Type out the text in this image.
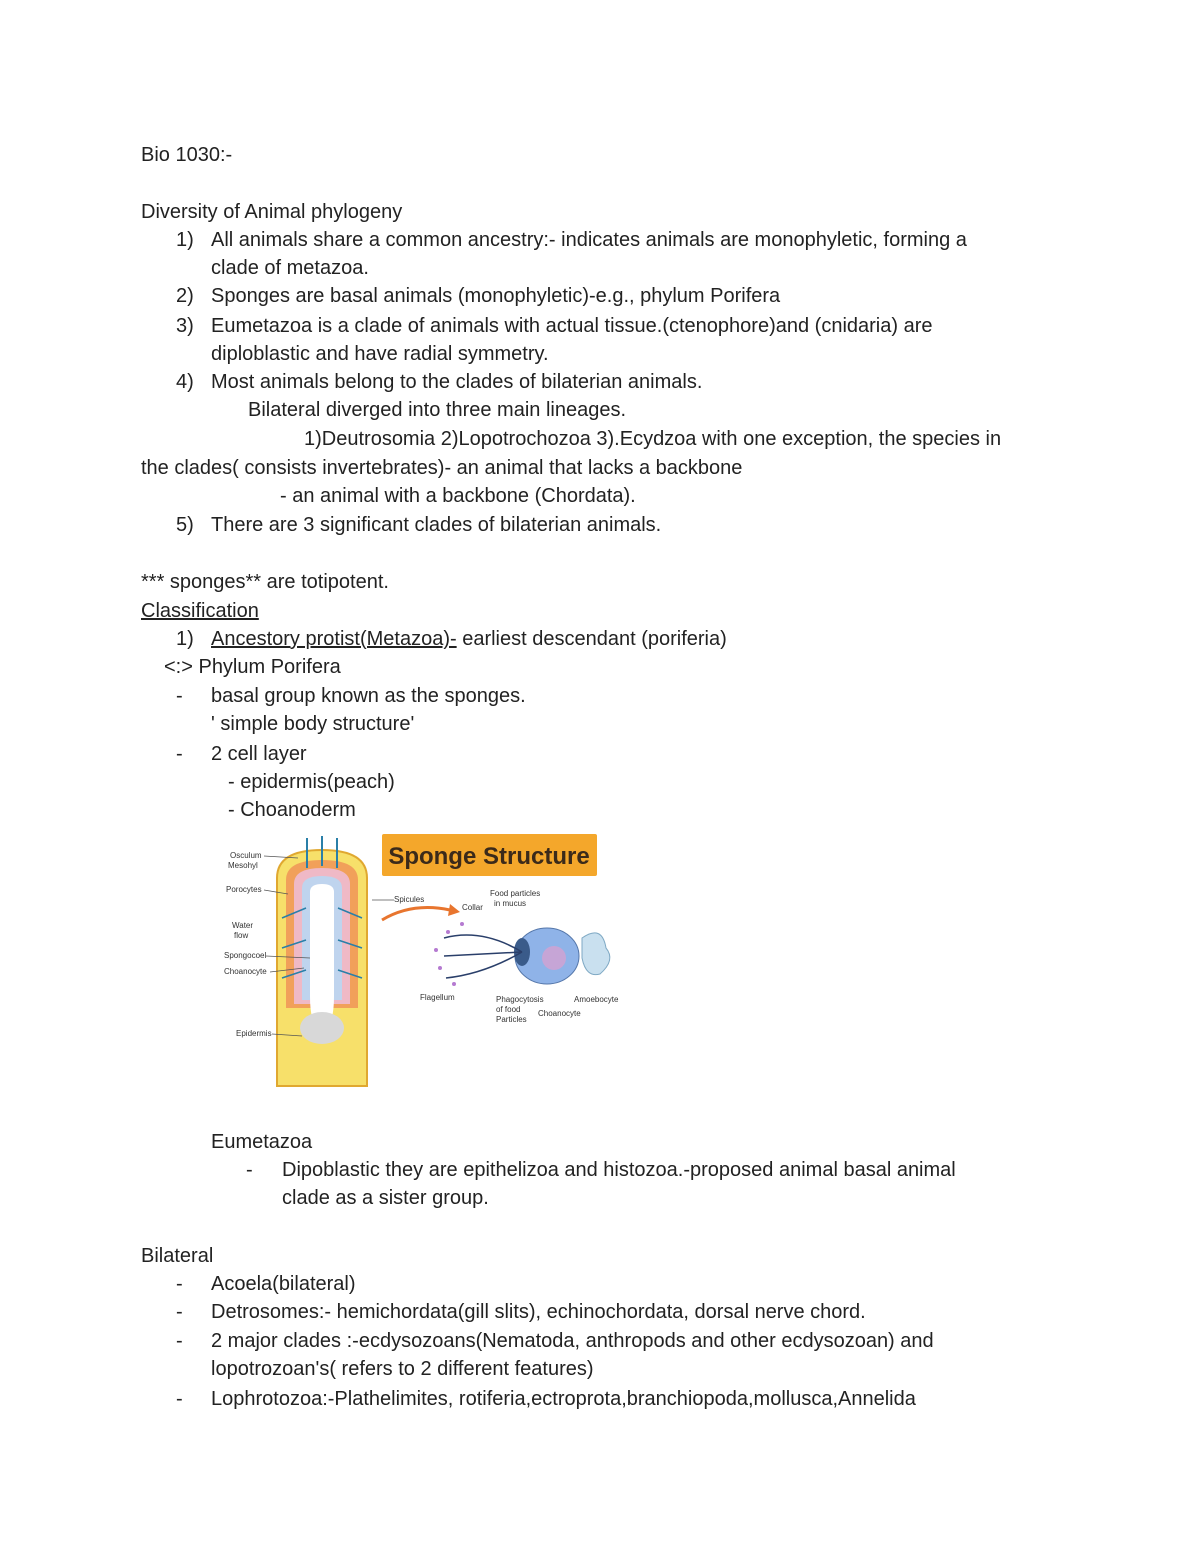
Bio 1030:-
Diversity of Animal phylogeny
1) All animals share a common ancestry:- indicates animals are monophyletic, forming a
clade of metazoa.
2) Sponges are basal animals (monophyletic)-e.g., phylum Porifera
3) Eumetazoa is a clade of animals with actual tissue.(ctenophore)and (cnidaria) are
diploblastic and have radial symmetry.
4) Most animals belong to the clades of bilaterian animals.
Bilateral diverged into three main lineages.
1)Deutrosomia 2)Lopotrochozoa 3).Ecydzoa with one exception, the species in
the clades( consists invertebrates)- an animal that lacks a backbone
- an animal with a backbone (Chordata).
5) There are 3 significant clades of bilaterian animals.
*** sponges** are totipotent.
Classification
1) Ancestory protist(Metazoa)- earliest descendant (poriferia)
<:> Phylum Porifera
- basal group known as the sponges.
' simple body structure'
- 2 cell layer
- epidermis(peach)
- Choanoderm
Sponge Structure
Osculum
Mesohyl
Porocytes
Water
flow
Spongocoel
Choanocyte
Epidermis
Spicules
Collar
Food particles
in mucus
Flagellum	Phagocytosis
of food
Particles
Choanocyte
Amoebocyte
Eumetazoa
- Dipoblastic they are epithelizoa and histozoa.-proposed animal basal animal
clade as a sister group.
Bilateral
- Acoela(bilateral)
- Detrosomes:- hemichordata(gill slits), echinochordata, dorsal nerve chord.
- 2 major clades :-ecdysozoans(Nematoda, anthropods and other ecdysozoan) and
lopotrozoan's( refers to 2 different features)
- Lophrotozoa:-Plathelimites, rotiferia,ectroprota,branchiopoda,mollusca,Annelida
